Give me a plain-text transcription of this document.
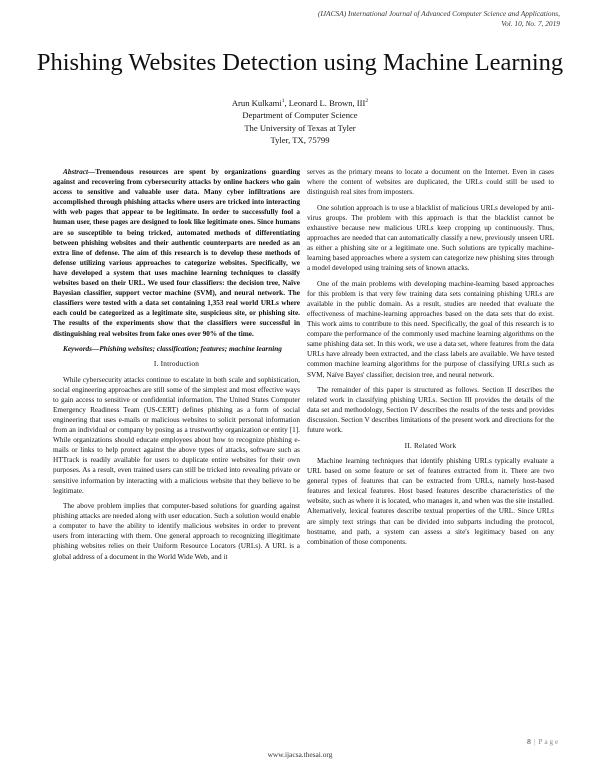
(IJACSA) International Journal of Advanced Computer Science and Applications,
Vol. 10, No. 7, 2019
Phishing Websites Detection using Machine Learning
Arun Kulkami$^1$, Leonard L. Brown, III$^2$
Department of Computer Science
The University of Texas at Tyler
Tyler, TX, 75799

Abstract—Tremendous resources are spent by organizations guarding against and recovering from cybersecurity attacks by online hackers who gain access to sensitive and valuable user data. Many cyber infiltrations are accomplished through phishing attacks where users are tricked into interacting with web pages that appear to be legitimate. In order to successfully fool a human user, these pages are designed to look like legitimate ones. Since humans are so susceptible to being tricked, automated methods of differentiating between phishing websites and their authentic counterparts are needed as an extra line of defense. The aim of this research is to develop these methods of defense utilizing various approaches to categorize websites. Specifically, we have developed a system that uses machine learning techniques to classify websites based on their URL. We used four classifiers: the decision tree, Naïve Bayesian classifier, support vector machine (SVM), and neural network. The classifiers were tested with a data set containing 1,353 real world URLs where each could be categorized as a legitimate site, suspicious site, or phishing site. The results of the experiments show that the classifiers were successful in distinguishing real websites from fake ones over 90% of the time.

Keywords—Phishing websites; classification; features; machine learning

I. Introduction

While cybersecurity attacks continue to escalate in both scale and sophistication, social engineering approaches are still some of the simplest and most effective ways to gain access to sensitive or confidential information. The United States Computer Emergency Readiness Team (US-CERT) defines phishing as a form of social engineering that uses e-mails or malicious websites to solicit personal information from an individual or company by posing as a trustworthy organization or entity [1]. While organizations should educate employees about how to recognize phishing e-mails or links to help protect against the above types of attacks, software such as HTTrack is readily available for users to duplicate entire websites for their own purposes. As a result, even trained users can still be tricked into revealing private or sensitive information by interacting with a malicious website that they believe to be legitimate.

The above problem implies that computer-based solutions for guarding against phishing attacks are needed along with user education. Such a solution would enable a computer to have the ability to identify malicious websites in order to prevent users from interacting with them. One general approach to recognizing illegitimate phishing websites relies on their Uniform Resource Locators (URLs). A URL is a global address of a document in the World Wide Web, and it

serves as the primary means to locate a document on the Internet. Even in cases where the content of websites are duplicated, the URLs could still be used to distinguish real sites from imposters.

One solution approach is to use a blacklist of malicious URLs developed by anti-virus groups. The problem with this approach is that the blacklist cannot be exhaustive because new malicious URLs keep cropping up continuously. Thus, approaches are needed that can automatically classify a new, previously unseen URL as either a phishing site or a legitimate one. Such solutions are typically machine-learning based approaches where a system can categorize new phishing sites through a model developed using training sets of known attacks.

One of the main problems with developing machine-learning based approaches for this problem is that very few training data sets containing phishing URLs are available in the public domain. As a result, studies are needed that evaluate the effectiveness of machine-learning approaches based on the data sets that do exist. This work aims to contribute to this need. Specifically, the goal of this research is to compare the performance of the commonly used machine learning algorithms on the same phishing data set. In this work, we use a data set, where features from the data URLs have already been extracted, and the class labels are available. We have tested common machine learning algorithms for the purpose of classifying URLs such as SVM, Naïve Bayes' classifier, decision tree, and neural network.

The remainder of this paper is structured as follows. Section II describes the related work in classifying phishing URLs. Section III provides the details of the data set and methodology, Section IV describes the results of the tests and provides discussion. Section V describes limitations of the present work and directions for the future work.

II. Related Work

Machine learning techniques that identify phishing URLs typically evaluate a URL based on some feature or set of features extracted from it. There are two general types of features that can be extracted from URLs, namely host-based features and lexical features. Host based features describe characteristics of the website, such as where it is located, who manages it, and when was the site installed. Alternatively, lexical features describe textual properties of the URL. Since URLs are simply text strings that can be divided into subparts including the protocol, hostname, and path, a system can assess a site's legitimacy based on any combination of those components.

8 | Page
www.ijacsa.thesai.org
